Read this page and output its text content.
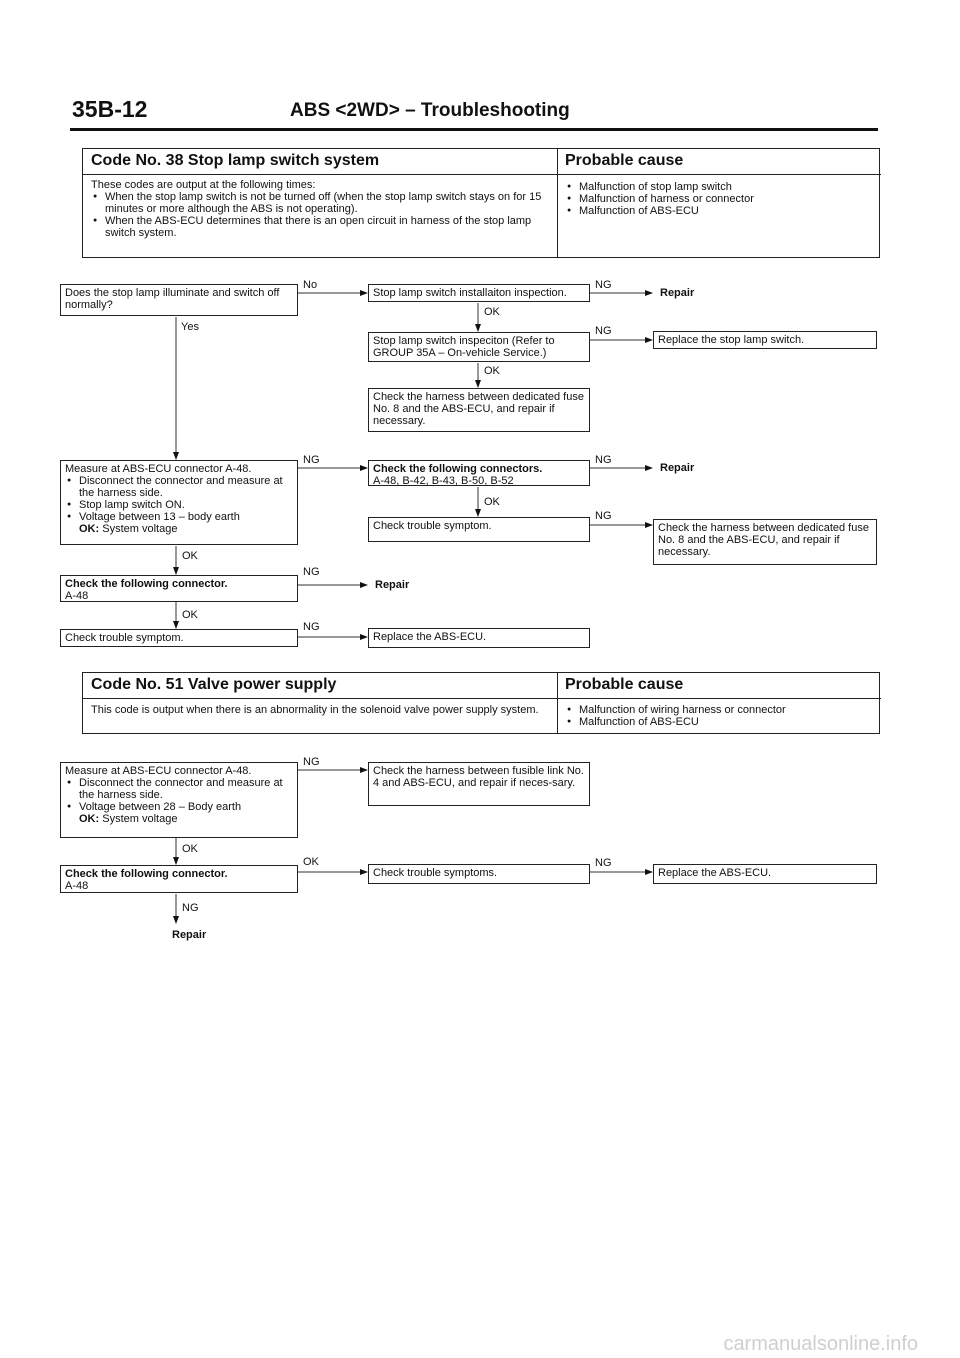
35B-12	ABS <2WD> – Troubleshooting
Code No. 38 Stop lamp switch system	Probable cause
These codes are output at the following times:
● When the stop lamp switch is not be turned off (when the stop lamp switch stays on for 15 minutes or more although the ABS is not operating).
● When the ABS-ECU determines that there is an open circuit in harness of the stop lamp switch system.
● Malfunction of stop lamp switch
● Malfunction of harness or connector
● Malfunction of ABS-ECU
Does the stop lamp illuminate and switch off normally?
No
Stop lamp switch installaiton inspection.
NG
Repair
OK
Yes
Stop lamp switch inspeciton (Refer to GROUP 35A – On-vehicle Service.)
NG
Replace the stop lamp switch.
OK
Check the harness between dedicated fuse No. 8 and the ABS-ECU, and repair if necessary.
Measure at ABS-ECU connector A-48.
● Disconnect the connector and measure at the harness side.
● Stop lamp switch ON.
● Voltage between 13 – body earth
OK: System voltage
NG
Check the following connectors.
A-48, B-42, B-43, B-50, B-52
NG
Repair
OK
Check trouble symptom.
NG
Check the harness between dedicated fuse No. 8 and the ABS-ECU, and repair if necessary.
OK
Check the following connector.
A-48
NG
Repair
OK
Check trouble symptom.
NG
Replace the ABS-ECU.
Code No. 51 Valve power supply	Probable cause
This code is output when there is an abnormality in the solenoid valve power supply system.
●	Malfunction of wiring harness or connector
● Malfunction of ABS-ECU
Measure at ABS-ECU connector A-48.
● Disconnect the connector and measure at the harness side.
● Voltage between 28 – Body earth
OK: System voltage
NG
Check the harness between fusible link No. 4 and ABS-ECU, and repair if neces-sary.
OK
Check the following connector.
A-48
OK
Check trouble symptoms.
NG
Replace the ABS-ECU.
NG
Repair
carmanualsonline.info
